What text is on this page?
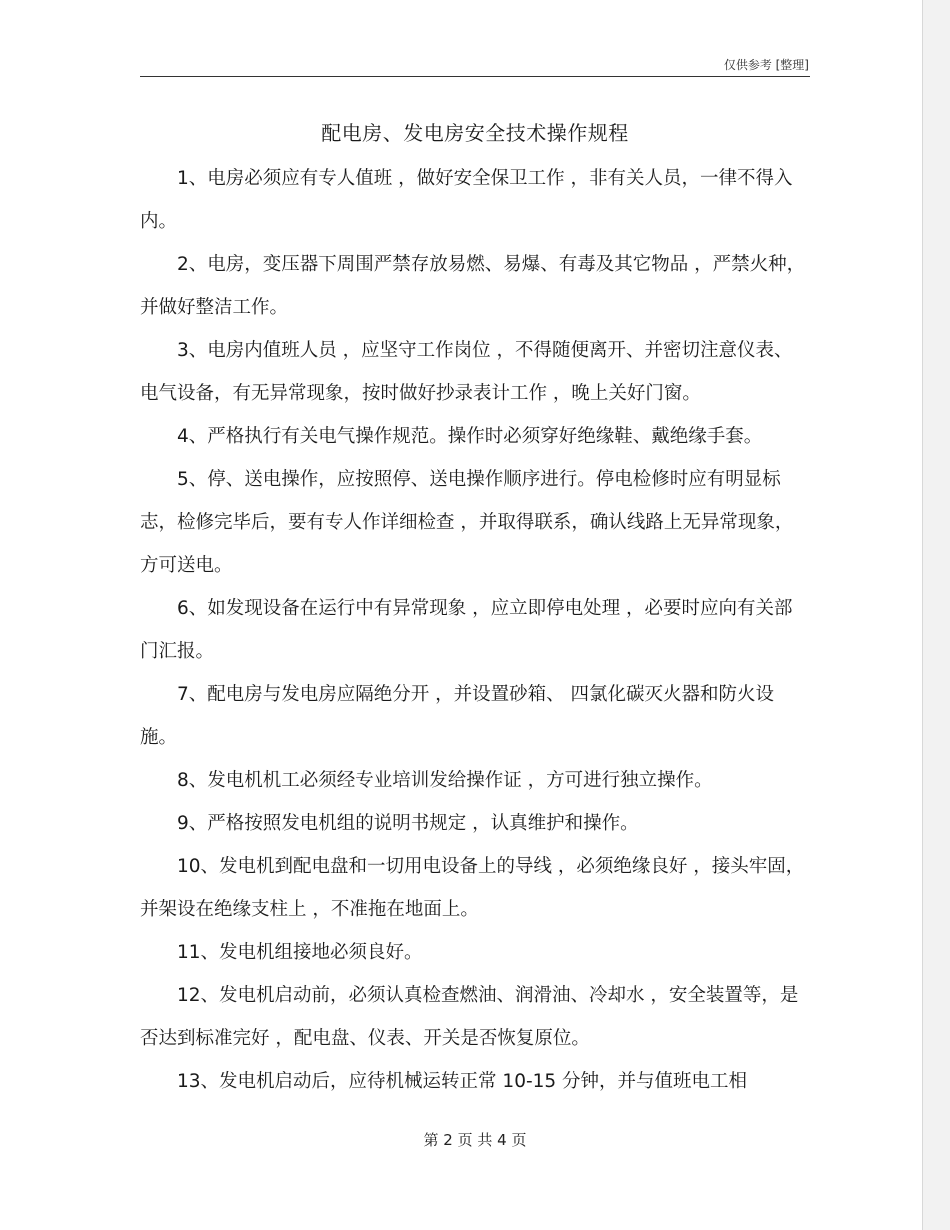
仅供参考 [整理]
配电房、发电房安全技术操作规程

1、电房必须应有专人值班 ，做好安全保卫工作 ，非有关人员，一律不得入内。

2、电房，变压器下周围严禁存放易燃、易爆、有毒及其它物品 ，严禁火种，并做好整洁工作。

3、电房内值班人员 ，应坚守工作岗位 ，不得随便离开、并密切注意仪表、电气设备，有无异常现象，按时做好抄录表计工作 ，晚上关好门窗。

4、严格执行有关电气操作规范。操作时必须穿好绝缘鞋、戴绝缘手套。

5、停、送电操作，应按照停、送电操作顺序进行。停电检修时应有明显标志，检修完毕后，要有专人作详细检查 ，并取得联系，确认线路上无异常现象，方可送电。

6、如发现设备在运行中有异常现象 ，应立即停电处理 ，必要时应向有关部门汇报。

7、配电房与发电房应隔绝分开 ，并设置砂箱、 四氯化碳灭火器和防火设施。

8、发电机机工必须经专业培训发给操作证 ，方可进行独立操作。

9、严格按照发电机组的说明书规定 ，认真维护和操作。

10、发电机到配电盘和一切用电设备上的导线 ，必须绝缘良好 ，接头牢固，并架设在绝缘支柱上 ，不准拖在地面上。

11、发电机组接地必须良好。

12、发电机启动前，必须认真检查燃油、润滑油、冷却水 ，安全装置等，是否达到标准完好 ，配电盘、仪表、开关是否恢复原位。

13、发电机启动后，应待机械运转正常 10-15 分钟，并与值班电工相

第 2 页 共 4 页
